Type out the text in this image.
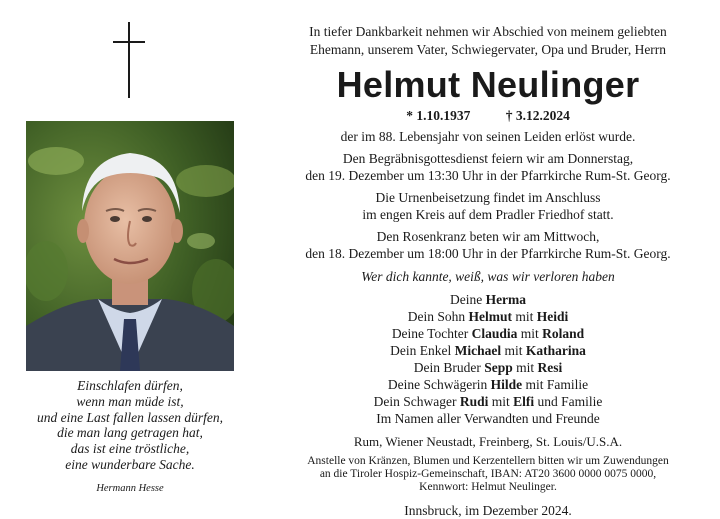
Einschlafen dürfen,
wenn man müde ist,
und eine Last fallen lassen dürfen,
die man lang getragen hat,
das ist eine tröstliche,
eine wunderbare Sache.
Hermann Hesse
In tiefer Dankbarkeit nehmen wir Abschied von meinem geliebten
Ehemann, unserem Vater, Schwiegervater, Opa und Bruder, Herrn
Helmut Neulinger
* 1.10.1937	† 3.12.2024
der im 88. Lebensjahr von seinen Leiden erlöst wurde.
Den Begräbnisgottesdienst feiern wir am Donnerstag,
den 19. Dezember um 13:30 Uhr in der Pfarrkirche Rum-St. Georg.
Die Urnenbeisetzung findet im Anschluss
im engen Kreis auf dem Pradler Friedhof statt.
Den Rosenkranz beten wir am Mittwoch,
den 18. Dezember um 18:00 Uhr in der Pfarrkirche Rum-St. Georg.
Wer dich kannte, weiß, was wir verloren haben
Deine Herma
Dein Sohn Helmut mit Heidi
Deine Tochter Claudia mit Roland
Dein Enkel Michael mit Katharina
Dein Bruder Sepp mit Resi
Deine Schwägerin Hilde mit Familie
Dein Schwager Rudi mit Elfi und Familie
Im Namen aller Verwandten und Freunde
Rum, Wiener Neustadt, Freinberg, St. Louis/U.S.A.
Anstelle von Kränzen, Blumen und Kerzentellern bitten wir um Zuwendungen
an die Tiroler Hospiz-Gemeinschaft, IBAN: AT20 3600 0000 0075 0000,
Kennwort: Helmut Neulinger.
Innsbruck, im Dezember 2024.
